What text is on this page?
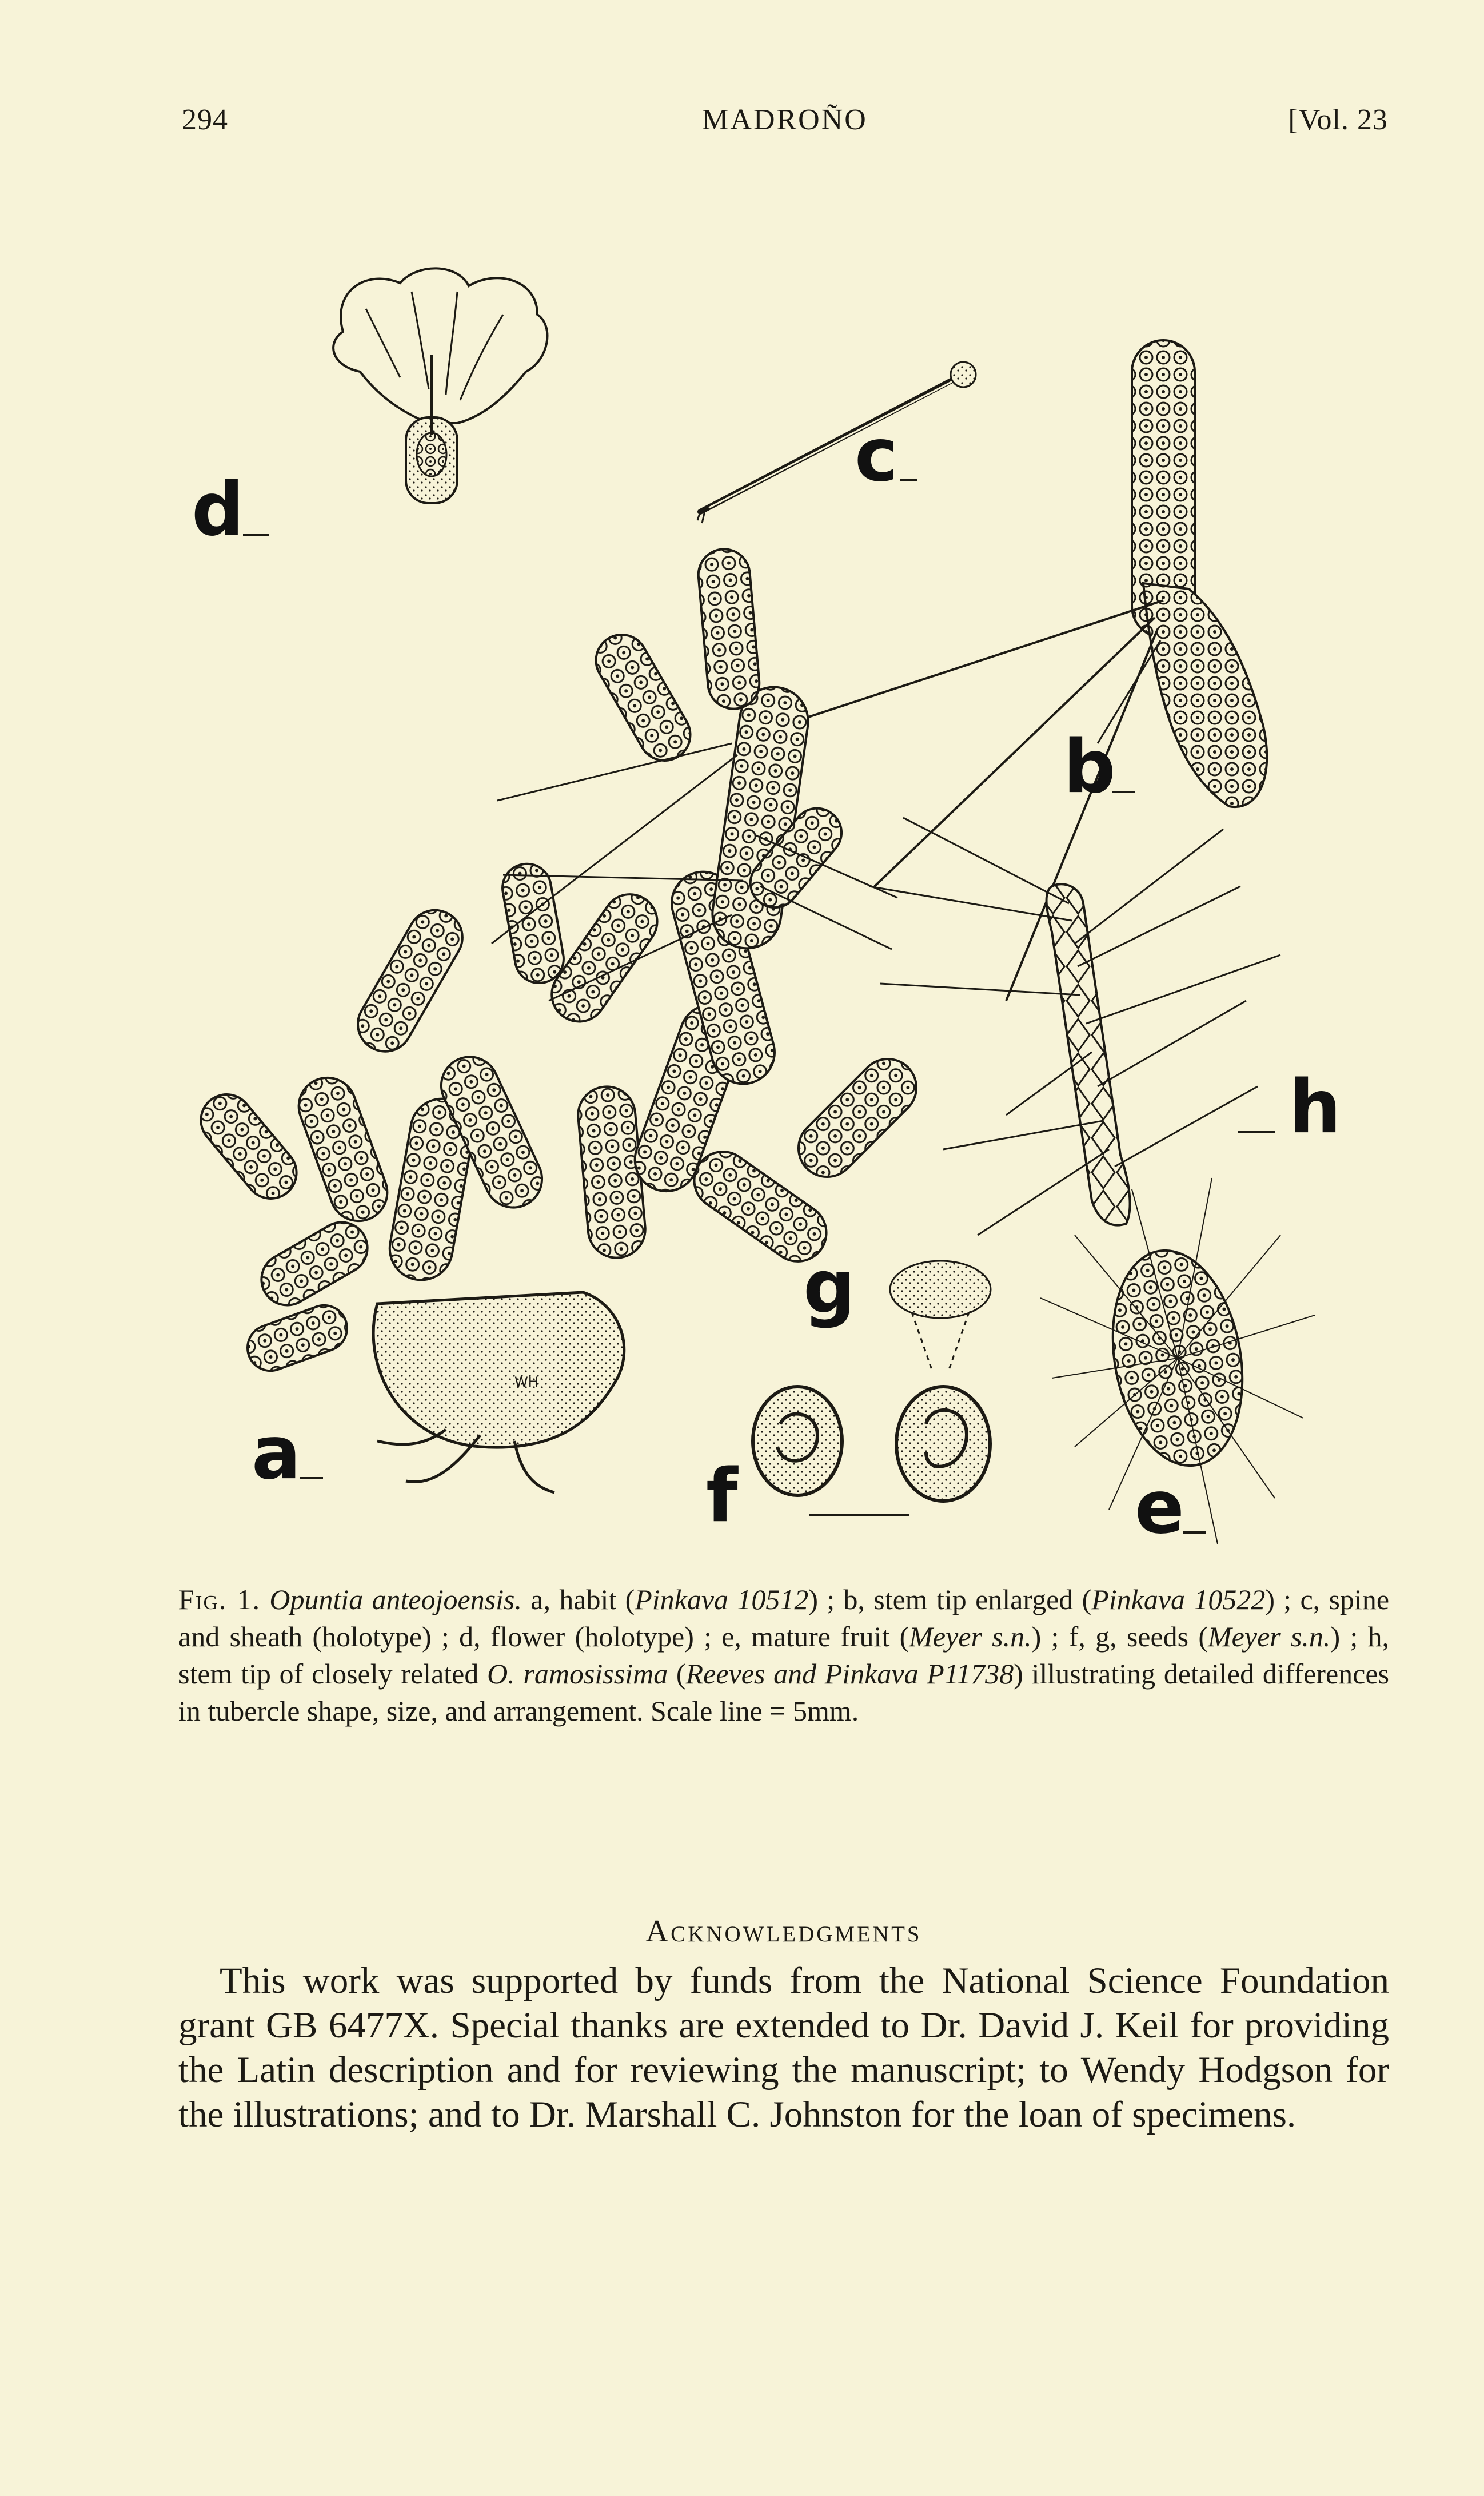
294	MADROÑO	[Vol. 23
d
c
b
h
WH
a
g
f	e
Fig. 1. Opuntia anteojoensis. a, habit (Pinkava 10512) ; b, stem tip enlarged (Pinkava 10522) ; c, spine and sheath (holotype) ; d, flower (holotype) ; e, mature fruit (Meyer s.n.) ; f, g, seeds (Meyer s.n.) ; h, stem tip of closely related O. ramosissima (Reeves and Pinkava P11738) illustrating detailed differences in tubercle shape, size, and arrangement. Scale line = 5mm.
Acknowledgments
This work was supported by funds from the National Science Foundation grant GB 6477X. Special thanks are extended to Dr. David J. Keil for providing the Latin description and for reviewing the manuscript; to Wendy Hodgson for the illustrations; and to Dr. Marshall C. Johnston for the loan of specimens.
